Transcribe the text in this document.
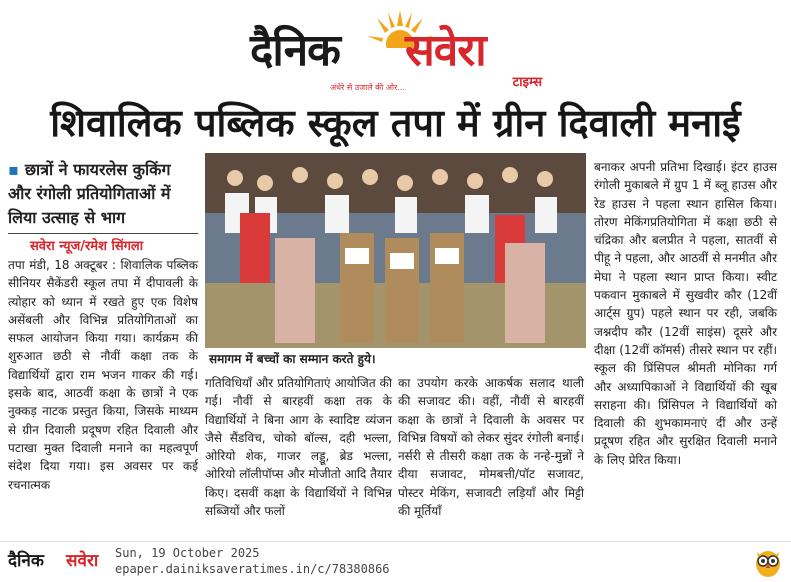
दैनिक सवेरा
टाइम्स
अंधेरे से उजाले की ओर...
शिवालिक पब्लिक स्कूल तपा में ग्रीन दिवाली मनाई
▪ छात्रों ने फायरलेस कुकिंग और रंगोली प्रतियोगिताओं में लिया उत्साह से भाग
सवेरा न्यूज/रमेश सिंगला

तपा मंडी, 18 अक्टूबर : शिवालिक पब्लिक सीनियर सैकेंडरी स्कूल तपा में दीपावली के त्योहार को ध्यान में रखते हुए एक विशेष असेंबली और विभिन्न प्रतियोगिताओं का सफल आयोजन किया गया। कार्यक्रम की शुरुआत छठी से नौवीं कक्षा तक के विद्यार्थियों द्वारा राम भजन गाकर की गई। इसके बाद, आठवीं कक्षा के छात्रों ने एक नुक्कड़ नाटक प्रस्तुत किया, जिसके माध्यम से ग्रीन दिवाली प्रदूषण रहित दिवाली और पटाखा मुक्त दिवाली मनाने का महत्वपूर्ण संदेश दिया गया। इस अवसर पर कई रचनात्मक

समागम में बच्चों का सम्मान करते हुये।

गतिविधियाँ और प्रतियोगिताएं आयोजित की गई। नौवीं से बारहवीं कक्षा तक के विद्यार्थियों ने बिना आग के स्वादिष्ट व्यंजन जैसे सैंडविच, चोको बॉल्स, दही भल्ला, ओरियो शेक, गाजर लड्डू, ब्रेड भल्ला, ओरियो लॉलीपॉप्स और मोजीतो आदि तैयार किए। दसवीं कक्षा के विद्यार्थियों ने विभिन्न सब्जियों और फलों

का उपयोग करके आकर्षक सलाद थाली की सजावट की। वहीं, नौवीं से बारहवीं कक्षा के छात्रों ने दिवाली के अवसर पर विभिन्न विषयों को लेकर सुंदर रंगोली बनाई। नर्सरी से तीसरी कक्षा तक के नन्हे-मुन्नों ने दीया सजावट, मोमबत्ती/पॉट सजावट, पोस्टर मेकिंग, सजावटी लड़ियाँ और मिट्टी की मूर्तियाँ

बनाकर अपनी प्रतिभा दिखाई। इंटर हाउस रंगोली मुकाबले में ग्रुप 1 में ब्लू हाउस और रेड हाउस ने पहला स्थान हासिल किया। तोरण मेकिंगप्रतियोगिता में कक्षा छठी से चंद्रिका और बलप्रीत ने पहला, सातवीं से पीहू ने पहला, और आठवीं से मनमीत और मेघा ने पहला स्थान प्राप्त किया। स्वीट पकवान मुकाबले में सुखवीर कौर (12वीं आर्ट्स ग्रुप) पहले स्थान पर रही, जबकि जश्नदीप कौर (12वीं साइंस) दूसरे और दीक्षा (12वीं कॉमर्स) तीसरे स्थान पर रहीं। स्कूल की प्रिंसिपल श्रीमती मोनिका गर्ग और अध्यापिकाओं ने विद्यार्थियों की खूब सराहना की। प्रिंसिपल ने विद्यार्थियों को दिवाली की शुभकामनाएं दीं और उन्हें प्रदूषण रहित और सुरक्षित दिवाली मनाने के लिए प्रेरित किया।

दैनिक सवेरा Sun, 19 October 2025
epaper.dainiksaveratimes.in/c/78380866
